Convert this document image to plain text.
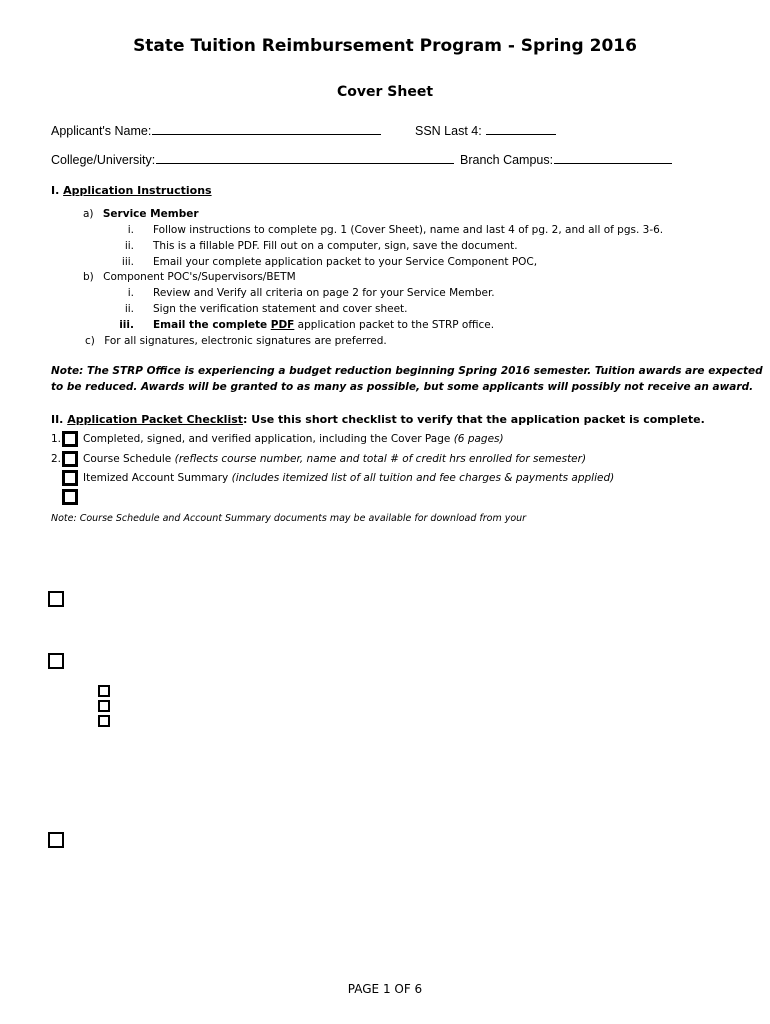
State Tuition Reimbursement Program - Spring 2016
Cover Sheet
Applicant's Name:	SSN Last 4:
College/University:	Branch Campus:
I. Application Instructions
a) Service Member
i. Follow instructions to complete pg. 1 (Cover Sheet), name and last 4 of pg. 2, and all of pgs. 3-6.
ii. This is a fillable PDF. Fill out on a computer, sign, save the document.
iii. Email your complete application packet to your Service Component POC,
b) Component POC's/Supervisors/BETM
i. Review and Verify all criteria on page 2 for your Service Member.
ii. Sign the verification statement and cover sheet.
iii. Email the complete PDF application packet to the STRP office.
c) For all signatures, electronic signatures are preferred.
Note: The STRP Office is experiencing a budget reduction beginning Spring 2016 semester. Tuition awards are expected
to be reduced. Awards will be granted to as many as possible, but some applicants will possibly not receive an award.
II. Application Packet Checklist: Use this short checklist to verify that the application packet is complete.
1. Completed, signed, and verified application, including the Cover Page (6 pages)
2. Course Schedule (reflects course number, name and total # of credit hrs enrolled for semester)
Itemized Account Summary (includes itemized list of all tuition and fee charges & payments applied)
Note: Course Schedule and Account Summary documents may be available for download from your
PAGE 1 OF 6
